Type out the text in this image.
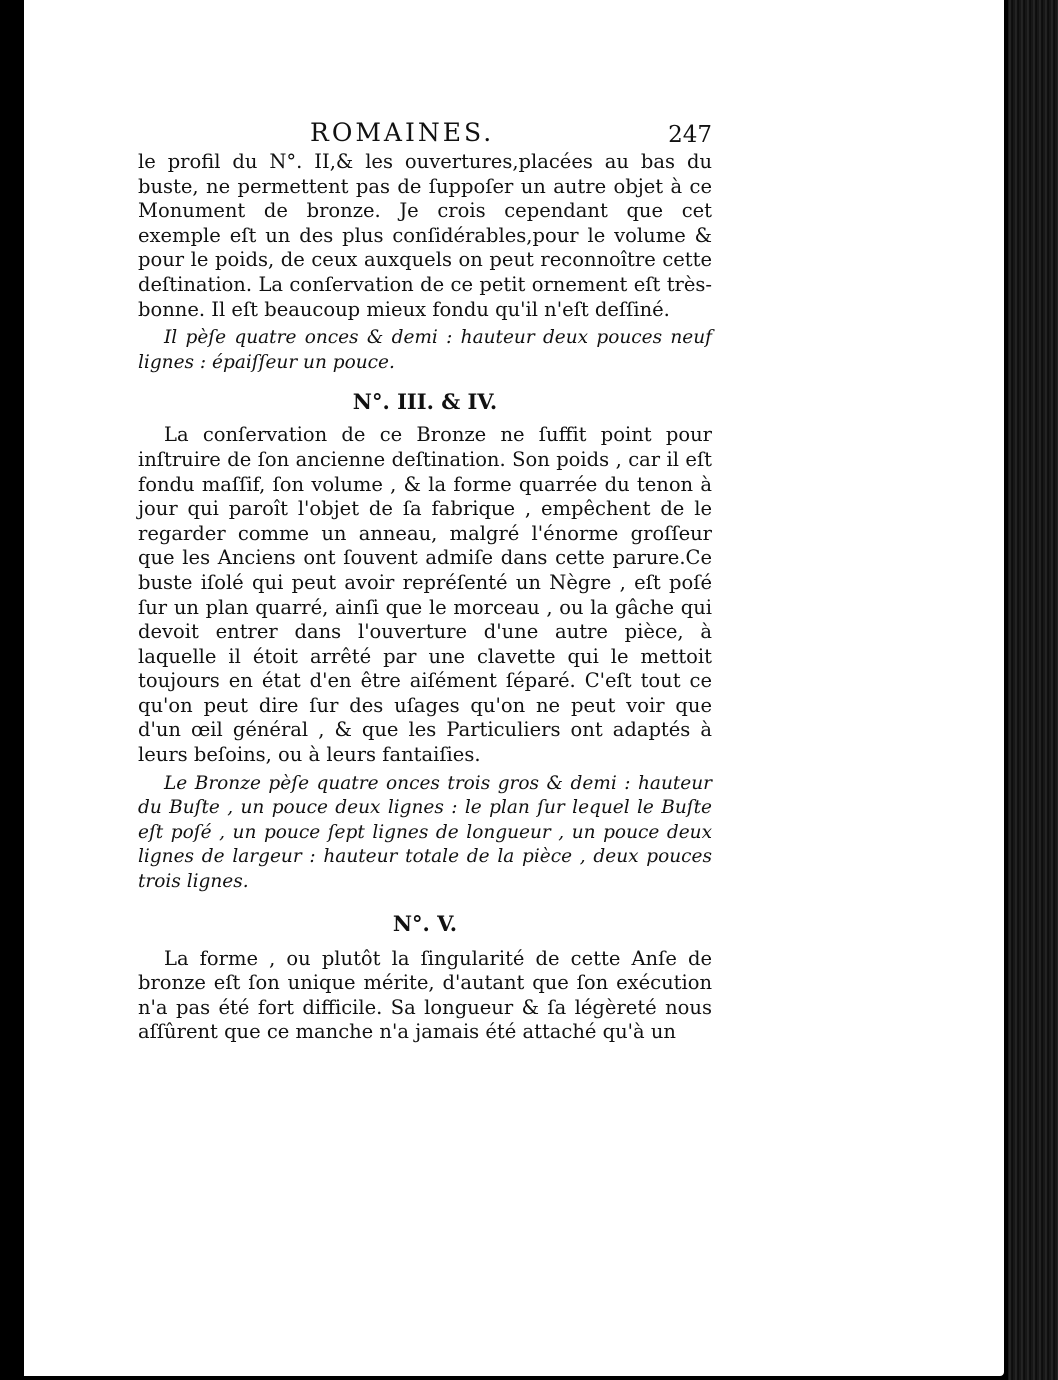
ROMAINES.	247

le profil du N°. II,& les ouvertures,placées au bas du buste, ne permettent pas de ſuppoſer un autre objet à ce Monument de bronze. Je crois cependant que cet exemple eſt un des plus conſidérables,pour le volume & pour le poids, de ceux auxquels on peut reconnoître cette deſtination. La conſervation de ce petit ornement eſt très-bonne. Il eſt beaucoup mieux fondu qu'il n'eſt deſſiné.

Il pèſe quatre onces & demi : hauteur deux pouces neuf lignes : épaiſſeur un pouce.

N°. III. & IV.

La conſervation de ce Bronze ne ſuffit point pour inſtruire de ſon ancienne deſtination. Son poids , car il eſt fondu maſſif, ſon volume , & la forme quarrée du tenon à jour qui paroît l'objet de ſa fabrique , empêchent de le regarder comme un anneau, malgré l'énorme groſſeur que les Anciens ont ſouvent admiſe dans cette parure.Ce buste iſolé qui peut avoir repréſenté un Nègre , eſt poſé ſur un plan quarré, ainſi que le morceau , ou la gâche qui devoit entrer dans l'ouverture d'une autre pièce, à laquelle il étoit arrêté par une clavette qui le mettoit toujours en état d'en être aiſément ſéparé. C'eſt tout ce qu'on peut dire ſur des uſages qu'on ne peut voir que d'un œil général , & que les Particuliers ont adaptés à leurs beſoins, ou à leurs fantaiſies.

Le Bronze pèſe quatre onces trois gros & demi : hauteur du Buſte , un pouce deux lignes : le plan ſur lequel le Buſte eſt poſé , un pouce ſept lignes de longueur , un pouce deux lignes de largeur : hauteur totale de la pièce , deux pouces trois lignes.

N°. V.

La forme , ou plutôt la ſingularité de cette Anſe de bronze eſt ſon unique mérite, d'autant que ſon exécution n'a pas été fort difficile. Sa longueur & ſa légèreté nous aſſûrent que ce manche n'a jamais été attaché qu'à un
